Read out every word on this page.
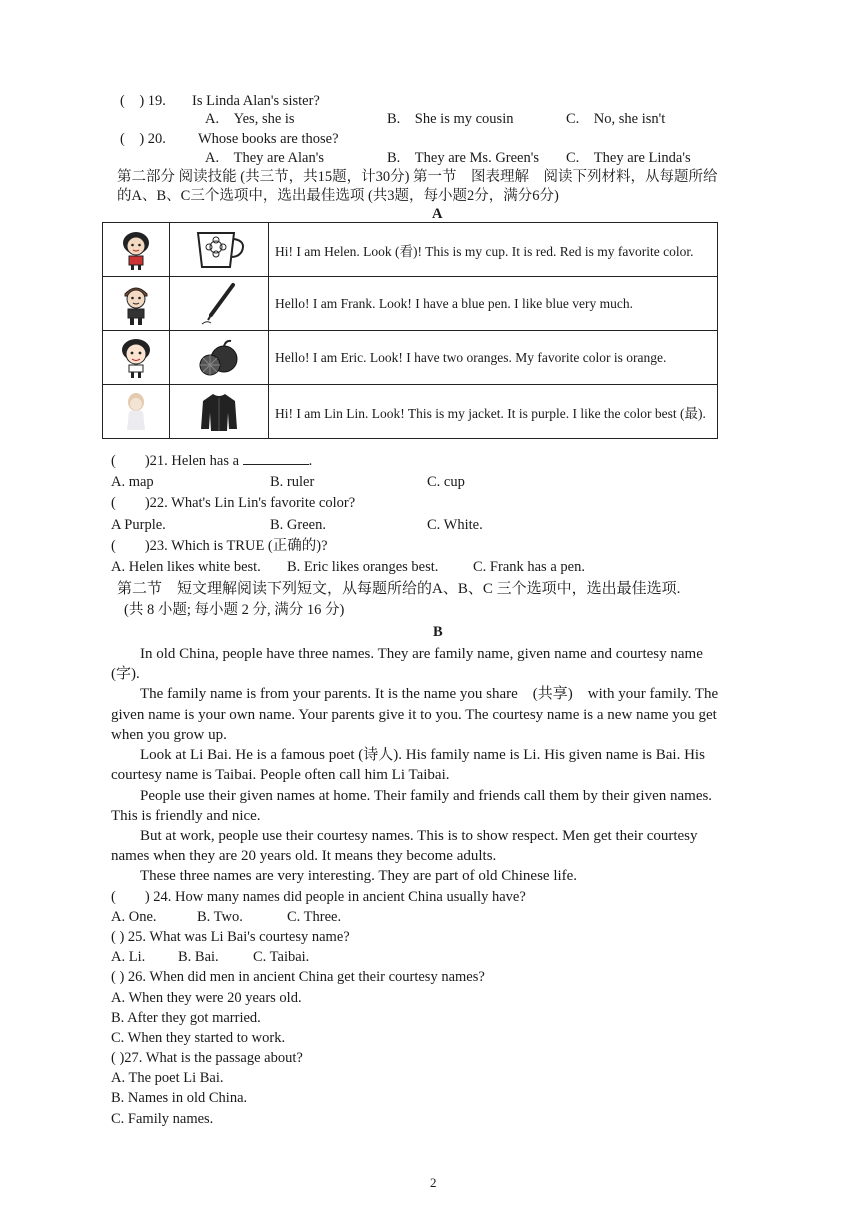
(　) 19. Is Linda Alan's sister?
A.　Yes, she is	B.　She is my cousin	C.　No, she isn't
(　) 20. Whose books are those?
A.　They are Alan's	B.　They are Ms. Green's C.　They are Linda's
第二部分 阅读技能 (共三节，共15题，计30分) 第一节　图表理解　阅读下列材料，从每题所给
的A、B、C三个选项中，选出最佳选项 (共3题，每小题2分，满分6分)
A

	Hi! I am Helen. Look (看)! This is my cup. It is red. Red is my favorite color.

	Hello! I am Frank. Look! I have a blue pen. I like blue very much.

	Hello! I am Eric. Look! I have two oranges. My favorite color is orange.

	Hi! I am Lin Lin. Look! This is my jacket. It is purple. I like the color best (最).
(　　)21. Helen has a	.
A. map	B. ruler	C. cup
(　　)22. What's Lin Lin's favorite color?
A Purple.	B. Green.	C. White.
(　　)23. Which is TRUE (正确的)?
A. Helen likes white best. B. Eric likes oranges best. C. Frank has a pen.
第二节　短文理解阅读下列短文，从每题所给的A、B、C 三个选项中，选出最佳选项.
(共 8 小题; 每小题 2 分, 满分 16 分)
B
In old China, people have three names. They are family name, given name and courtesy name
(字).
The family name is from your parents. It is the name you share　(共享)　with your family. The
given name is your own name. Your parents give it to you. The courtesy name is a new name you get
when you grow up.
Look at Li Bai. He is a famous poet (诗人). His family name is Li. His given name is Bai. His
courtesy name is Taibai. People often call him Li Taibai.
People use their given names at home. Their family and friends call them by their given names.
This is friendly and nice.
But at work, people use their courtesy names. This is to show respect. Men get their courtesy
names when they are 20 years old. It means they become adults.
These three names are very interesting. They are part of old Chinese life.
(　　) 24. How many names did people in ancient China usually have?
A. One.	B. Two.	C. Three.
( ) 25. What was Li Bai's courtesy name?
A. Li. B. Bai. C. Taibai.
( ) 26. When did men in ancient China get their courtesy names?
A. When they were 20 years old.
B. After they got married.
C. When they started to work.
( )27. What is the passage about?
A. The poet Li Bai.
B. Names in old China.
C. Family names.
2
